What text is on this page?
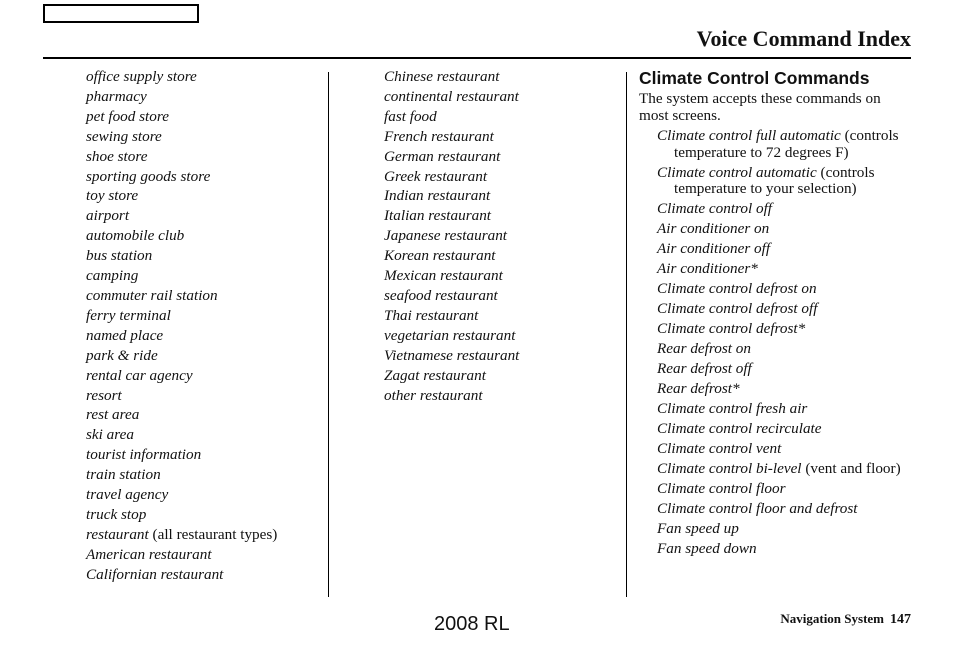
Voice Command Index
office supply store
pharmacy
pet food store
sewing store
shoe store
sporting goods store
toy store
airport
automobile club
bus station
camping
commuter rail station
ferry terminal
named place
park & ride
rental car agency
resort
rest area
ski area
tourist information
train station
travel agency
truck stop
restaurant (all restaurant types)
American restaurant
Californian restaurant
Chinese restaurant
continental restaurant
fast food
French restaurant
German restaurant
Greek restaurant
Indian restaurant
Italian restaurant
Japanese restaurant
Korean restaurant
Mexican restaurant
seafood restaurant
Thai restaurant
vegetarian restaurant
Vietnamese restaurant
Zagat restaurant
other restaurant
Climate Control Commands
The system accepts these commands on most screens.
Climate control full automatic (controls temperature to 72 degrees F)
Climate control automatic (controls temperature to your selection)
Climate control off
Air conditioner on
Air conditioner off
Air conditioner*
Climate control defrost on
Climate control defrost off
Climate control defrost*
Rear defrost on
Rear defrost off
Rear defrost*
Climate control fresh air
Climate control recirculate
Climate control vent
Climate control bi-level (vent and floor)
Climate control floor
Climate control floor and defrost
Fan speed up
Fan speed down
2008 RL	Navigation System 147
